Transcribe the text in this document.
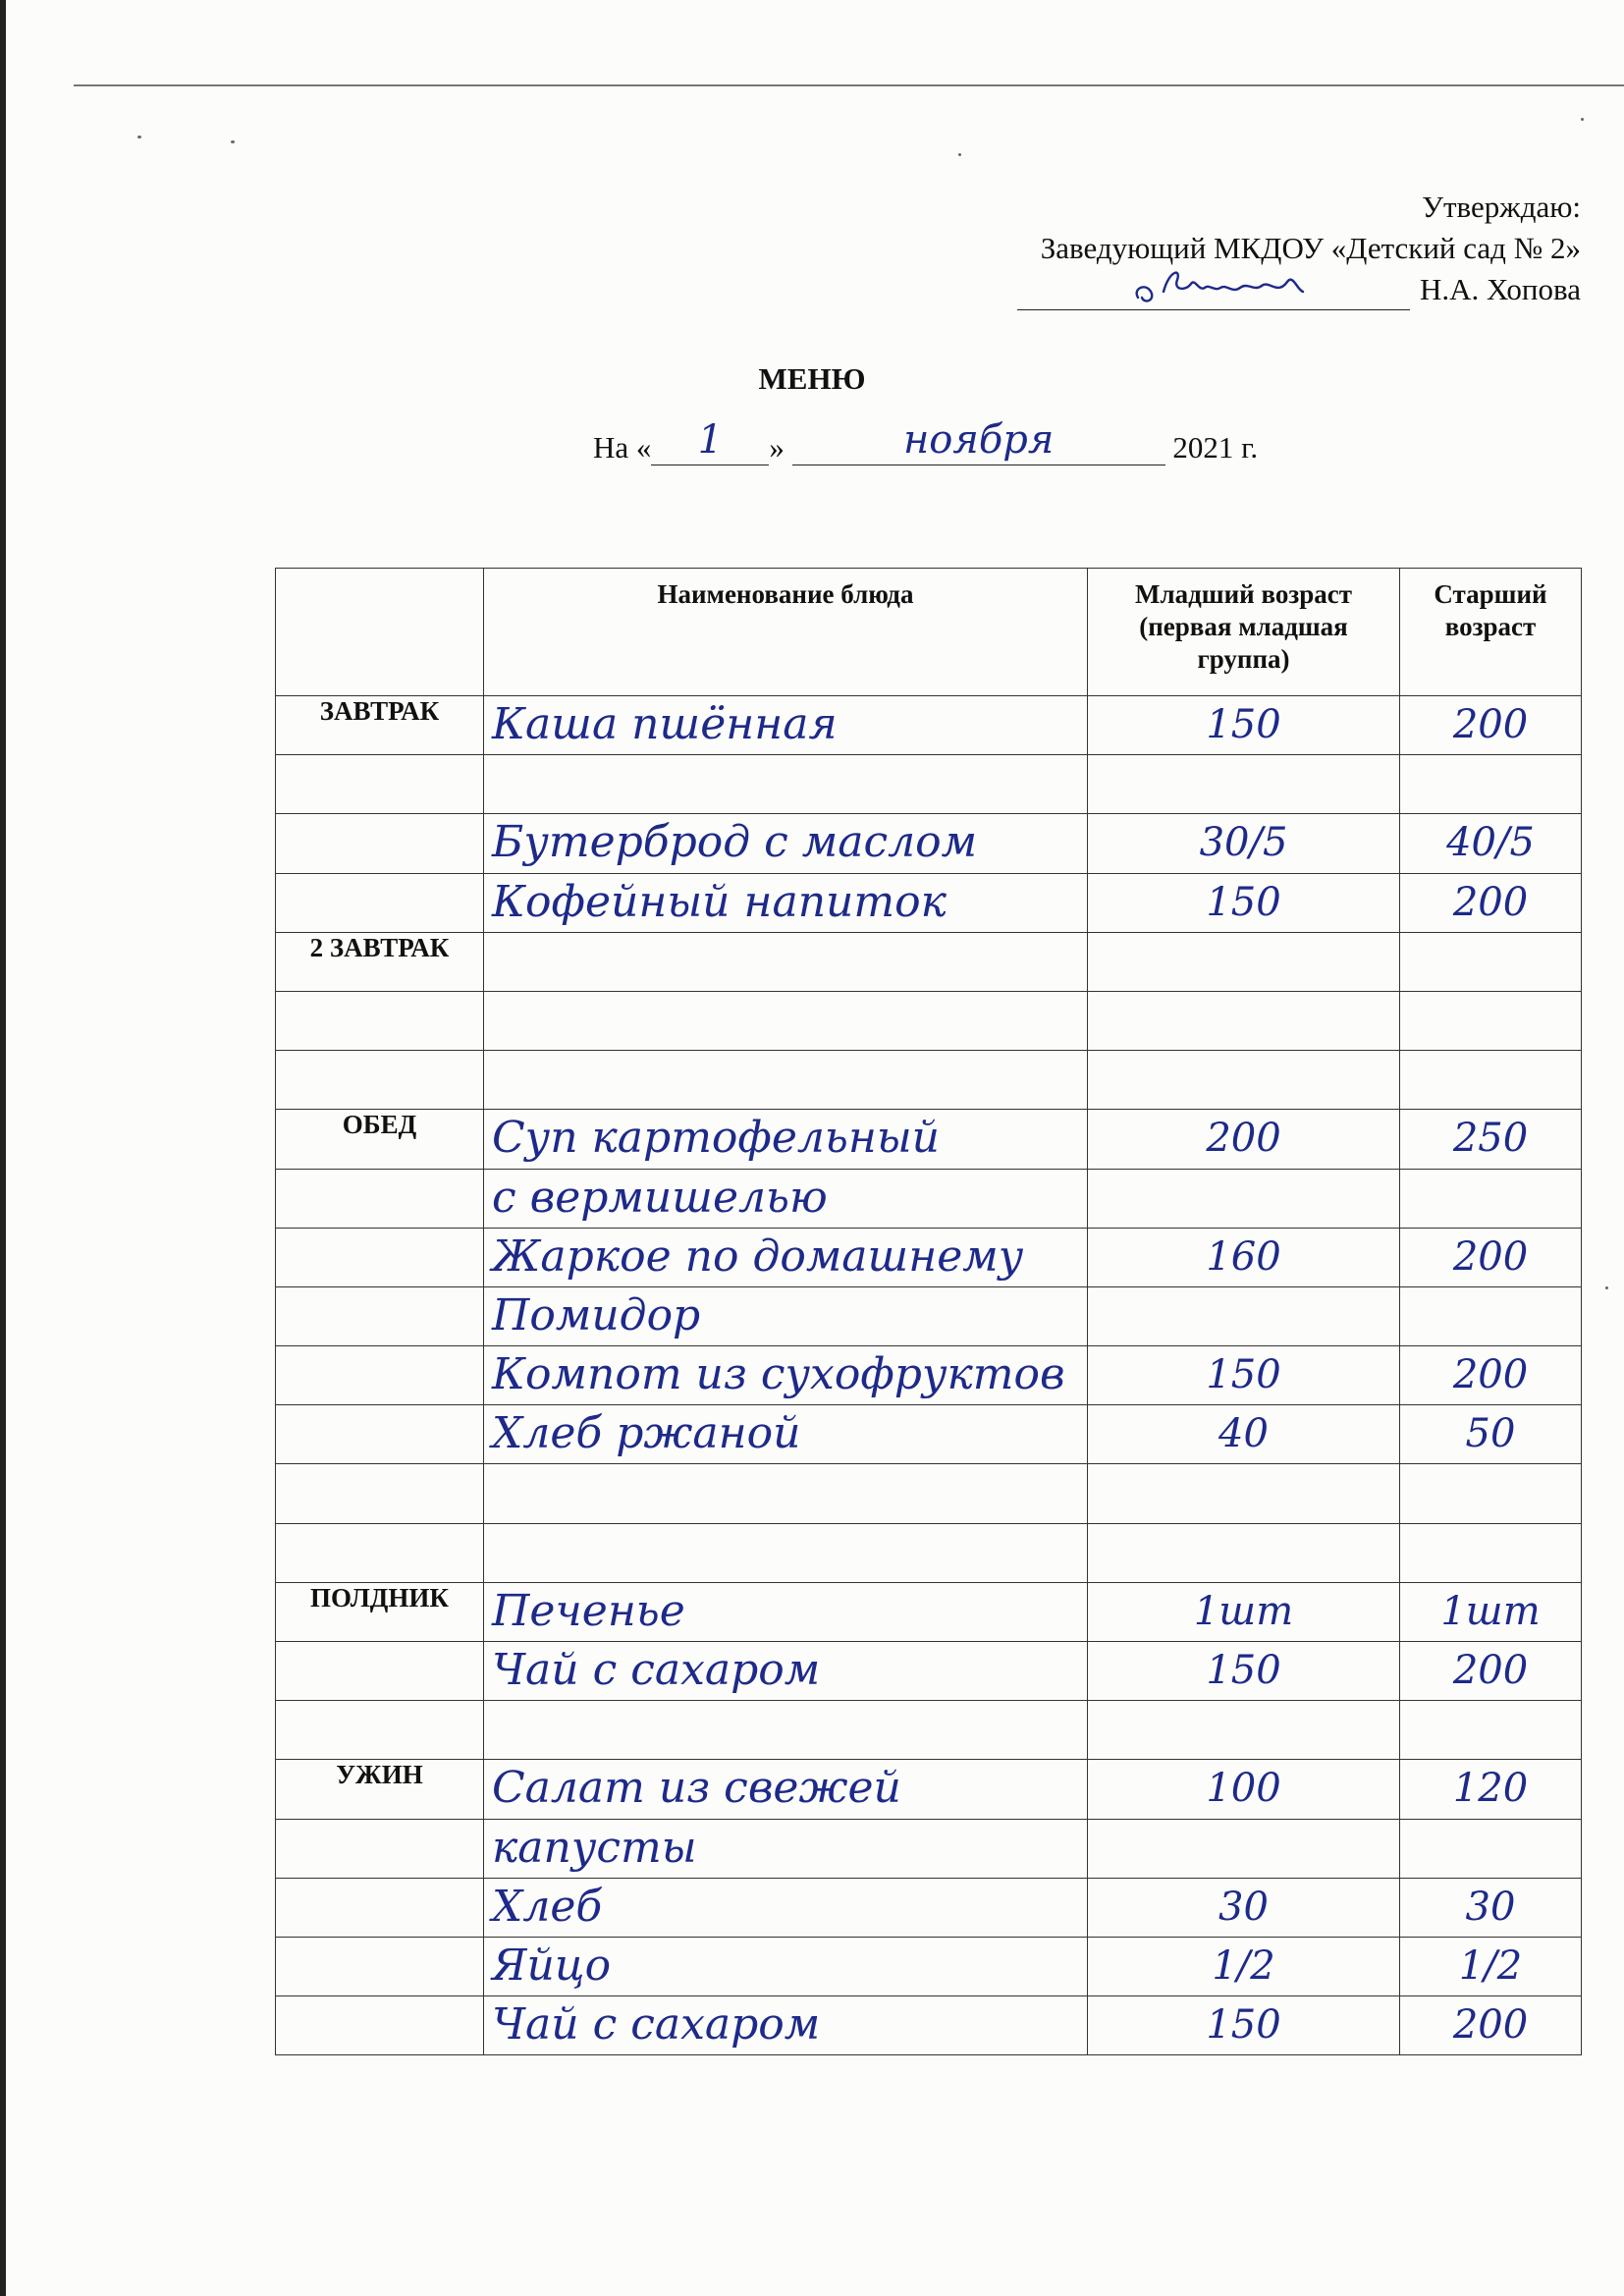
Утверждаю:
Заведующий МКДОУ «Детский сад № 2»
Н.А. Хопова
МЕНЮ
На «	1	»	ноября	2021 г.
	Наименование блюда	Младший возраст (первая младшая группа)	Старший возраст
ЗАВТРАК	Каша пшённая	150	200

	Бутерброд с маслом	30/5	40/5
	Кофейный напиток	150	200
2 ЗАВТРАК			

ОБЕД	Суп картофельный	200	250
	с вермишелью		
	Жаркое по домашнему	160	200
	Помидор		
	Компот из сухофруктов	150	200
	Хлеб ржаной	40	50

ПОЛДНИК	Печенье	1шт	1шт
	Чай с сахаром	150	200

УЖИН	Салат из свежей	100	120
	капусты		
	Хлеб	30	30
	Яйцо	1/2	1/2
	Чай с сахаром	150	200
